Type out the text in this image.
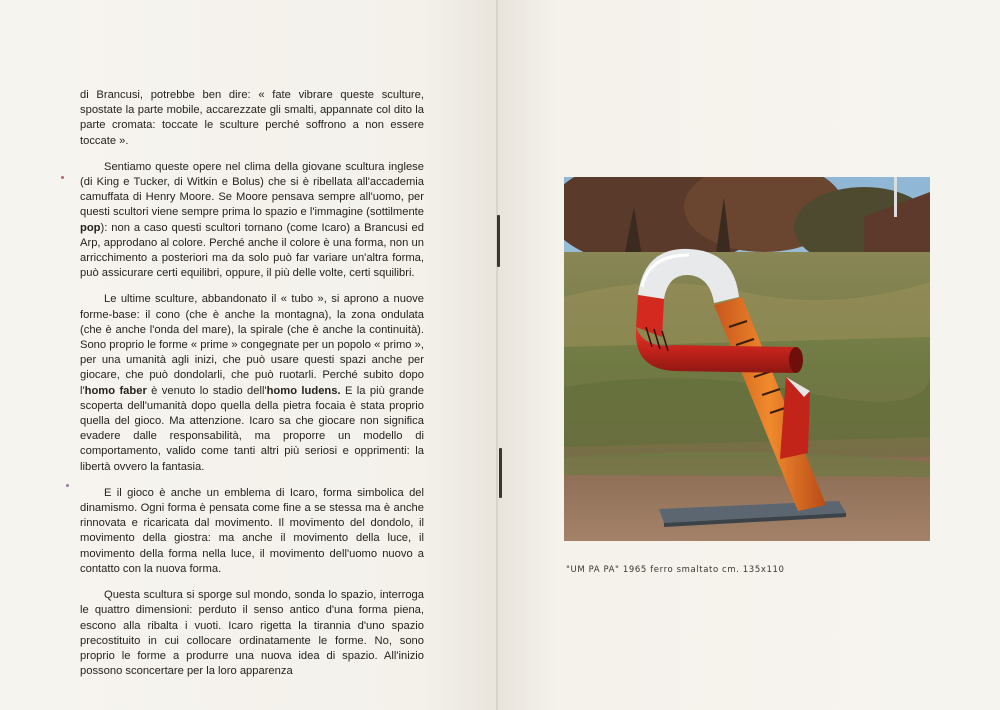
di Brancusi, potrebbe ben dire: « fate vibrare queste sculture, spostate la parte mobile, accarezzate gli smalti, appannate col dito la parte cromata: toccate le sculture perché soffrono a non essere toccate ».

Sentiamo queste opere nel clima della giovane scultura inglese (di King e Tucker, di Witkin e Bolus) che si è ribellata all'accademia camuffata di Henry Moore. Se Moore pensava sempre all'uomo, per questi scultori viene sempre prima lo spazio e l'immagine (sottilmente pop): non a caso questi scultori tornano (come Icaro) a Brancusi ed Arp, approdano al colore. Perché anche il colore è una forma, non un arricchimento a posteriori ma da solo può far variare un'altra forma, può assicurare certi equilibri, oppure, il più delle volte, certi squilibri.

Le ultime sculture, abbandonato il « tubo », si aprono a nuove forme-base: il cono (che è anche la montagna), la zona ondulata (che è anche l'onda del mare), la spirale (che è anche la continuità). Sono proprio le forme « prime » congegnate per un popolo « primo », per una umanità agli inizi, che può usare questi spazi anche per giocare, che può dondolarli, che può ruotarli. Perché subito dopo l'homo faber è venuto lo stadio dell'homo ludens. E la più grande scoperta dell'umanità dopo quella della pietra focaia è stata proprio quella del gioco. Ma attenzione. Icaro sa che giocare non significa evadere dalle responsabilità, ma proporre un modello di comportamento, valido come tanti altri più seriosi e opprimenti: la libertà ovvero la fantasia.

E il gioco è anche un emblema di Icaro, forma simbolica del dinamismo. Ogni forma è pensata come fine a se stessa ma è anche rinnovata e ricaricata dal movimento. Il movimento del dondolo, il movimento della giostra: ma anche il movimento della luce, il movimento della forma nella luce, il movimento dell'uomo nuovo a contatto con la nuova forma.

Questa scultura si sporge sul mondo, sonda lo spazio, interroga le quattro dimensioni: perduto il senso antico d'una forma piena, escono alla ribalta i vuoti. Icaro rigetta la tirannia d'uno spazio precostituito in cui collocare ordinatamente le forme. No, sono proprio le forme a produrre una nuova idea di spazio. All'inizio possono sconcertare per la loro apparenza

"UM PA PA" 1965 ferro smaltato cm. 135x110
